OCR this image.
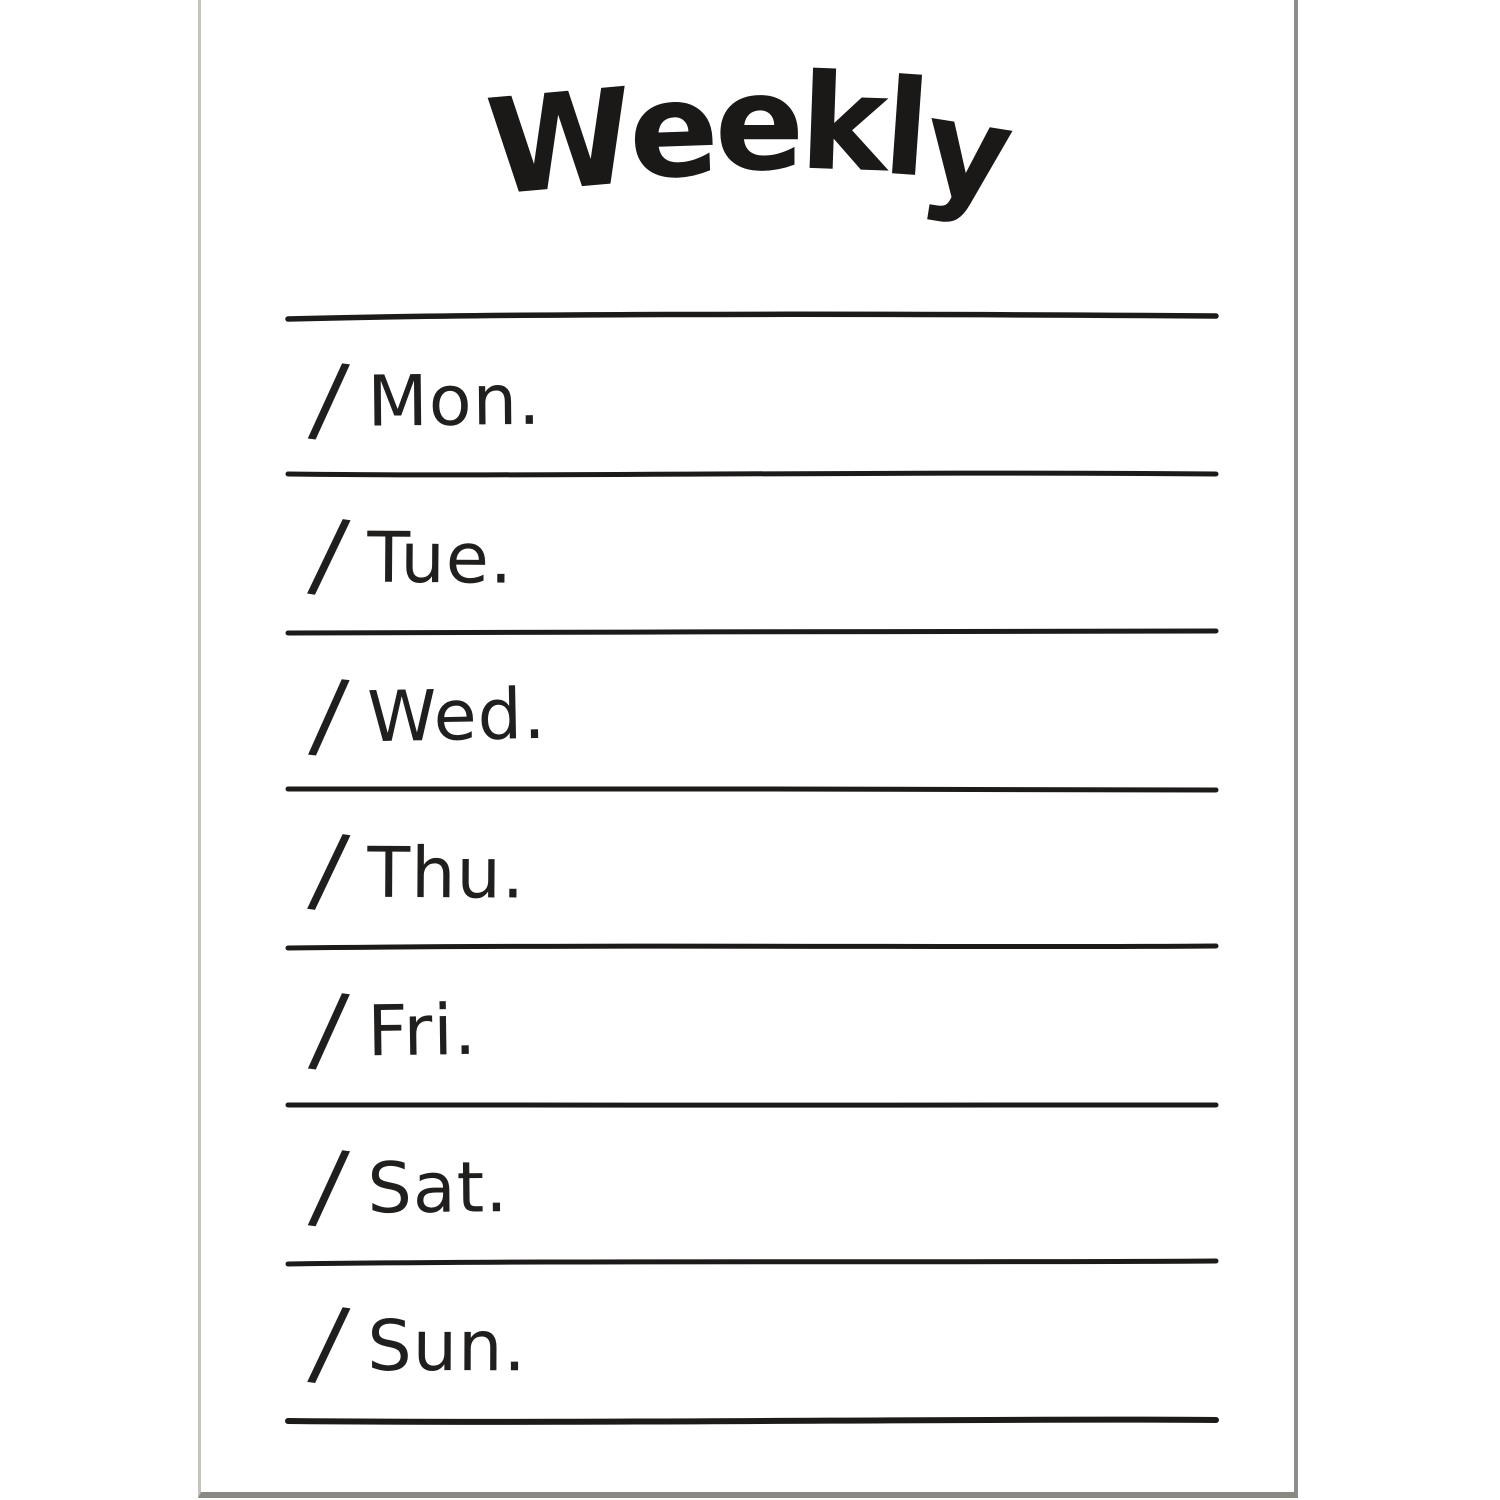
Weekly
/ Mon.
/ Tue.
/ Wed.
/ Thu.
/ Fri.
/ Sat.
/ Sun.
